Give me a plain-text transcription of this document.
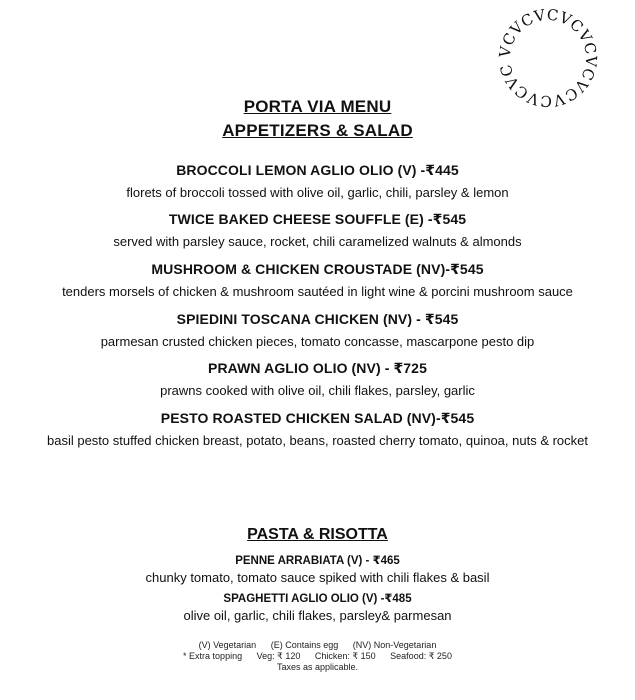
VCVCVCVCVCVCVCVCVCVC
PORTA VIA MENU
APPETIZERS & SALAD
BROCCOLI LEMON AGLIO OLIO (V) -₹445
florets of broccoli tossed with olive oil, garlic, chili, parsley & lemon
TWICE BAKED CHEESE SOUFFLE (E) -₹545
served with parsley sauce, rocket, chili caramelized walnuts & almonds
MUSHROOM & CHICKEN CROUSTADE (NV)-₹545
tenders morsels of chicken & mushroom sautéed in light wine & porcini mushroom sauce
SPIEDINI TOSCANA CHICKEN (NV) - ₹545
parmesan crusted chicken pieces, tomato concasse, mascarpone pesto dip
PRAWN AGLIO OLIO (NV) - ₹725
prawns cooked with olive oil, chili flakes, parsley, garlic
PESTO ROASTED CHICKEN SALAD (NV)-₹545
basil pesto stuffed chicken breast, potato, beans, roasted cherry tomato, quinoa, nuts & rocket
PASTA & RISOTTA
PENNE ARRABIATA (V) - ₹465
chunky tomato, tomato sauce spiked with chili flakes & basil
SPAGHETTI AGLIO OLIO (V) -₹485
olive oil, garlic, chili flakes, parsley& parmesan
(V) Vegetarian (E) Contains egg (NV) Non-Vegetarian
* Extra topping Veg: ₹ 120 Chicken: ₹ 150 Seafood: ₹ 250
Taxes as applicable.
